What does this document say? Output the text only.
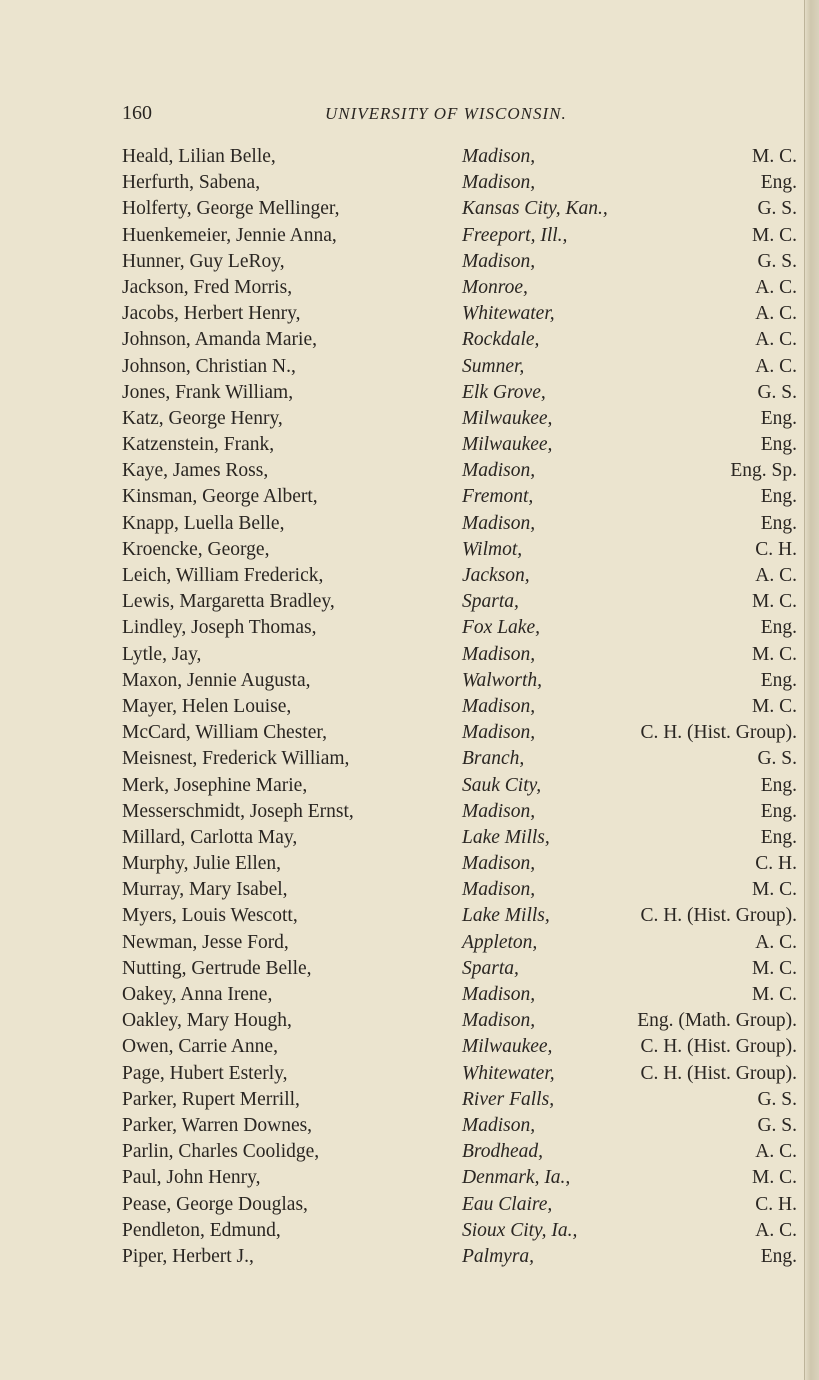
160	UNIVERSITY OF WISCONSIN.
Heald, Lilian Belle,	Madison,	M. C.
Herfurth, Sabena,	Madison,	Eng.
Holferty, George Mellinger,	Kansas City, Kan.,	G. S.
Huenkemeier, Jennie Anna,	Freeport, Ill.,	M. C.
Hunner, Guy LeRoy,	Madison,	G. S.
Jackson, Fred Morris,	Monroe,	A. C.
Jacobs, Herbert Henry,	Whitewater,	A. C.
Johnson, Amanda Marie,	Rockdale,	A. C.
Johnson, Christian N.,	Sumner,	A. C.
Jones, Frank William,	Elk Grove,	G. S.
Katz, George Henry,	Milwaukee,	Eng.
Katzenstein, Frank,	Milwaukee,	Eng.
Kaye, James Ross,	Madison,	Eng. Sp.
Kinsman, George Albert,	Fremont,	Eng.
Knapp, Luella Belle,	Madison,	Eng.
Kroencke, George,	Wilmot,	C. H.
Leich, William Frederick,	Jackson,	A. C.
Lewis, Margaretta Bradley,	Sparta,	M. C.
Lindley, Joseph Thomas,	Fox Lake,	Eng.
Lytle, Jay,	Madison,	M. C.
Maxon, Jennie Augusta,	Walworth,	Eng.
Mayer, Helen Louise,	Madison,	M. C.
McCard, William Chester,	Madison,	C. H. (Hist. Group).
Meisnest, Frederick William,	Branch,	G. S.
Merk, Josephine Marie,	Sauk City,	Eng.
Messerschmidt, Joseph Ernst,	Madison,	Eng.
Millard, Carlotta May,	Lake Mills,	Eng.
Murphy, Julie Ellen,	Madison,	C. H.
Murray, Mary Isabel,	Madison,	M. C.
Myers, Louis Wescott,	Lake Mills,	C. H. (Hist. Group).
Newman, Jesse Ford,	Appleton,	A. C.
Nutting, Gertrude Belle,	Sparta,	M. C.
Oakey, Anna Irene,	Madison,	M. C.
Oakley, Mary Hough,	Madison,	Eng. (Math. Group).
Owen, Carrie Anne,	Milwaukee,	C. H. (Hist. Group).
Page, Hubert Esterly,	Whitewater,	C. H. (Hist. Group).
Parker, Rupert Merrill,	River Falls,	G. S.
Parker, Warren Downes,	Madison,	G. S.
Parlin, Charles Coolidge,	Brodhead,	A. C.
Paul, John Henry,	Denmark, Ia.,	M. C.
Pease, George Douglas,	Eau Claire,	C. H.
Pendleton, Edmund,	Sioux City, Ia.,	A. C.
Piper, Herbert J.,	Palmyra,	Eng.
